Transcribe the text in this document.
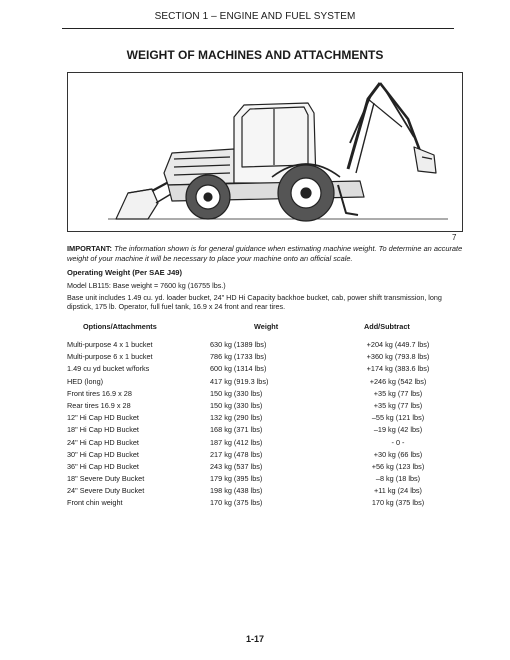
SECTION 1 – ENGINE AND FUEL SYSTEM
WEIGHT OF MACHINES AND ATTACHMENTS
7
IMPORTANT: The information shown is for general guidance when estimating machine weight. To determine an accurate weight of your machine it will be necessary to place your machine onto an official scale.
Operating Weight (Per SAE J49)
Model LB115: Base weight = 7600 kg (16755 lbs.)
Base unit includes 1.49 cu. yd. loader bucket, 24" HD Hi Capacity backhoe bucket, cab, power shift transmission, long dipstick, 175 lb. Operator, full fuel tank, 16.9 x 24 front and rear tires.
Options/Attachments	Weight	Add/Subtract
Multi-purpose 4 x 1 bucket	630 kg (1389 lbs)	+204 kg (449.7 lbs)
Multi-purpose 6 x 1 bucket	786 kg (1733 lbs)	+360 kg (793.8 lbs)
1.49 cu yd bucket w/forks	600 kg (1314 lbs)	+174 kg (383.6 lbs)
HED (long)	417 kg (919.3 lbs)	+246 kg (542 lbs)
Front tires 16.9 x 28	150 kg (330 lbs)	+35 kg (77 lbs)
Rear tires 16.9 x 28	150 kg (330 lbs)	+35 kg (77 lbs)
12" Hi Cap HD Bucket	132 kg (290 lbs)	–55 kg (121 lbs)
18" Hi Cap HD Bucket	168 kg (371 lbs)	–19 kg (42 lbs)
24" Hi Cap HD Bucket	187 kg (412 lbs)	- 0 -
30" Hi Cap HD Bucket	217 kg (478 lbs)	+30 kg (66 lbs)
36" Hi Cap HD Bucket	243 kg (537 lbs)	+56 kg (123 lbs)
18" Severe Duty Bucket	179 kg (395 lbs)	–8 kg (18 lbs)
24" Severe Duty Bucket	198 kg (438 lbs)	+11 kg (24 lbs)
Front chin weight	170 kg (375 lbs)	170 kg (375 lbs)
1-17
